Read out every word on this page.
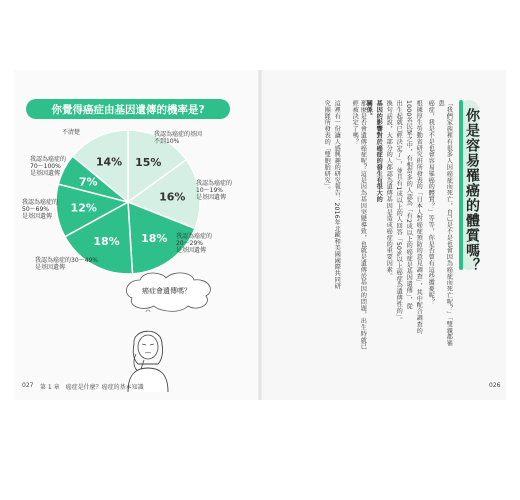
你覺得癌症由基因遺傳的機率是?
15%
16%
18%
18%
12%
7%
14%
不清楚	我認為癌症的基因
不到10%
我認為癌症的
10～19%
是基因遺傳
我認為癌症的
20～29%
是基因遺傳
我認為癌症的30～49%
是基因遺傳
我認為癌症的
50～69%
是基因遺傳
我認為癌症的
70～100%
是基因遺傳
癌症會遺傳嗎？
027 第 1 章　癌症是什麼？癌症的基本知識	026
你是容易罹癌的體質嗎？
「我們家族裡有很多人因癌症而死亡，自己是不是也會因為癌症而死亡呢？」「雙親都罹患
癌症，我是不是也會容易罹癌的體質？」等等，你是否曾有這些擔憂呢？
根據厚生勞動省研究班所發表的「日本人對癌症預防的意見調查」，其中配合調查的
1000名民眾之中，有相當多的人認為「有2成以上的癌症是基因遺傳」，從
出生起就已經決定了」，並且有1成以上的人回答「50%以上癌症為遺傳性的」。
換句話說，大部分的人都認為遺傳基因是造成癌症的重要因素。
基因的影響對於癌症的發生有很大的
關係。
那麼是否會遺傳癌症呢？這是因為基因突變導致，也就是遺傳於基因的問題，出生時就已經被決定了嗎？
這裡有一份讓人感興趣的研究報告：2016年北歐和美國國際共同研
究團隊所發表的「雙胞胎研究」。
